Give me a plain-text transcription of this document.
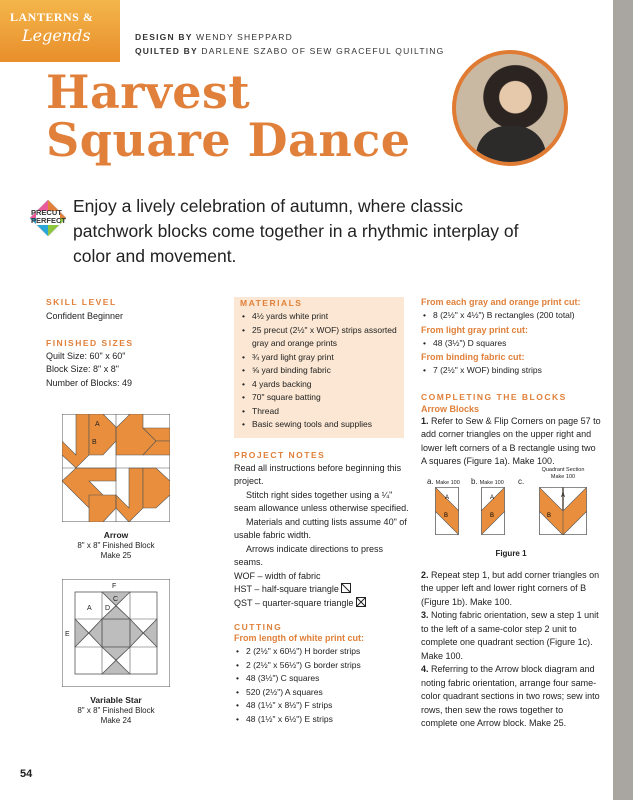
LANTERNS &
Legends	DESIGN BY WENDY SHEPPARD
QUILTED BY DARLENE SZABO OF SEW GRACEFUL QUILTING
Harvest
Square Dance
PRECUT
PERFECT
Enjoy a lively celebration of autumn, where classic patchwork blocks come together in a rhythmic interplay of color and movement.
SKILL LEVEL
Confident Beginner
FINISHED SIZES
Quilt Size: 60" x 60"
Block Size: 8" x 8"
Number of Blocks: 49
A
B
Arrow
8" x 8" Finished Block
Make 25
F
C
A D
E
Variable Star
8" x 8" Finished Block
Make 24
MATERIALS
• 4½ yards white print
• 25 precut (2½" x WOF) strips assorted gray and orange prints
• ¾ yard light gray print
• ⅝ yard binding fabric
• 4 yards backing
• 70" square batting
• Thread
• Basic sewing tools and supplies
PROJECT NOTES
Read all instructions before beginning this project.
Stitch right sides together using a ¼" seam allowance unless otherwise specified.
Materials and cutting lists assume 40" of usable fabric width.
Arrows indicate directions to press seams.
WOF – width of fabric
HST – half-square triangle
QST – quarter-square triangle
CUTTING
From length of white print cut:
• 2 (2½" x 60½") H border strips
• 2 (2½" x 56½") G border strips
• 48 (3½") C squares
• 520 (2½") A squares
• 48 (1½" x 8½") F strips
• 48 (1½" x 6½") E strips
From each gray and orange print cut:
• 8 (2½" x 4½") B rectangles (200 total)
From light gray print cut:
• 48 (3½") D squares
From binding fabric cut:
• 7 (2½" x WOF) binding strips
COMPLETING THE BLOCKS
Arrow Blocks
1. Refer to Sew & Flip Corners on page 57 to add corner triangles on the upper right and lower left corners of a B rectangle using two A squares (Figure 1a). Make 100.
a. Make 100 b. Make 100 c.
Quadrant Section
Make 100
A
B
A
B
A
B
Figure 1
2. Repeat step 1, but add corner triangles on the upper left and lower right corners of B (Figure 1b). Make 100.
3. Noting fabric orientation, sew a step 1 unit to the left of a same-color step 2 unit to complete one quadrant section (Figure 1c). Make 100.
4. Referring to the Arrow block diagram and noting fabric orientation, arrange four same-color quadrant sections in two rows; sew into rows, then sew the rows together to complete one Arrow block. Make 25.
54	PassionForum.ru
